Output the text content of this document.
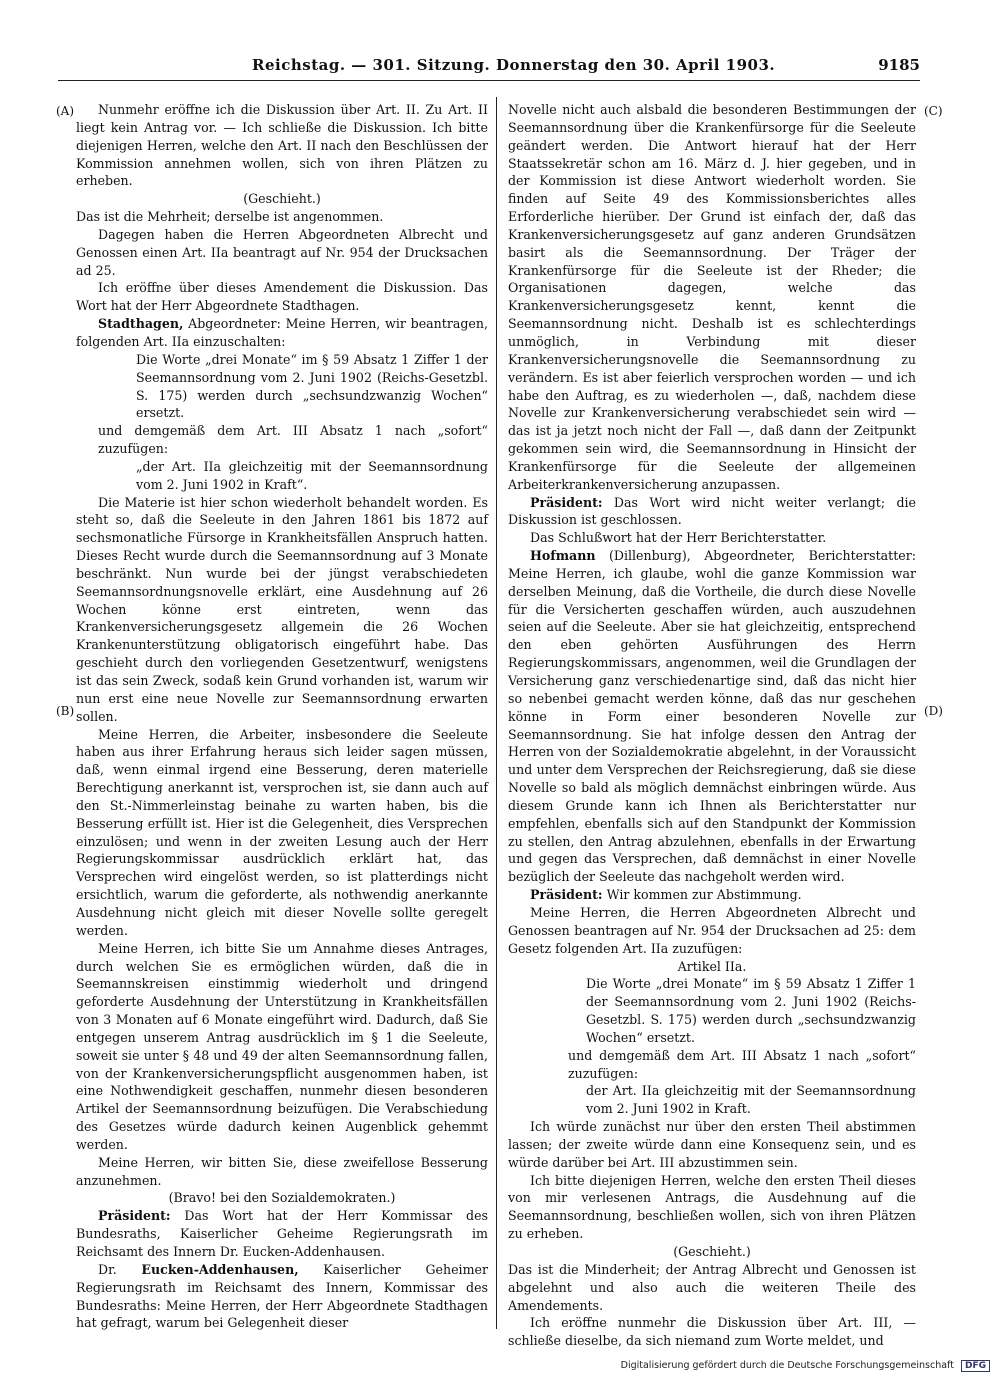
Reichstag. — 301. Sitzung. Donnerstag den 30. April 1903.	9185
(A)
(B)
(C)
(D)

Nunmehr eröffne ich die Diskussion über Art. II. Zu Art. II liegt kein Antrag vor. — Ich schließe die Diskussion. Ich bitte diejenigen Herren, welche den Art. II nach den Beschlüssen der Kommission annehmen wollen, sich von ihren Plätzen zu erheben.

(Geschieht.)

Das ist die Mehrheit; derselbe ist angenommen.

Dagegen haben die Herren Abgeordneten Albrecht und Genossen einen Art. IIa beantragt auf Nr. 954 der Drucksachen ad 25.

Ich eröffne über dieses Amendement die Diskussion. Das Wort hat der Herr Abgeordnete Stadthagen.

Stadthagen, Abgeordneter: Meine Herren, wir beantragen, folgenden Art. IIa einzuschalten:

Die Worte „drei Monate“ im § 59 Absatz 1 Ziffer 1 der Seemannsordnung vom 2. Juni 1902 (Reichs-Gesetzbl. S. 175) werden durch „sechsundzwanzig Wochen“ ersetzt.

und demgemäß dem Art. III Absatz 1 nach „sofort“ zuzufügen:

„der Art. IIa gleichzeitig mit der Seemannsordnung vom 2. Juni 1902 in Kraft“.

Die Materie ist hier schon wiederholt behandelt worden. Es steht so, daß die Seeleute in den Jahren 1861 bis 1872 auf sechsmonatliche Fürsorge in Krankheitsfällen Anspruch hatten. Dieses Recht wurde durch die Seemannsordnung auf 3 Monate beschränkt. Nun wurde bei der jüngst verabschiedeten Seemannsordnungsnovelle erklärt, eine Ausdehnung auf 26 Wochen könne erst eintreten, wenn das Krankenversicherungsgesetz allgemein die 26 Wochen Krankenunterstützung obligatorisch eingeführt habe. Das geschieht durch den vorliegenden Gesetzentwurf, wenigstens ist das sein Zweck, sodaß kein Grund vorhanden ist, warum wir nun erst eine neue Novelle zur Seemannsordnung erwarten sollen.

Meine Herren, die Arbeiter, insbesondere die Seeleute haben aus ihrer Erfahrung heraus sich leider sagen müssen, daß, wenn einmal irgend eine Besserung, deren materielle Berechtigung anerkannt ist, versprochen ist, sie dann auch auf den St.-Nimmerleinstag beinahe zu warten haben, bis die Besserung erfüllt ist. Hier ist die Gelegenheit, dies Versprechen einzulösen; und wenn in der zweiten Lesung auch der Herr Regierungskommissar ausdrücklich erklärt hat, das Versprechen wird eingelöst werden, so ist platterdings nicht ersichtlich, warum die geforderte, als nothwendig anerkannte Ausdehnung nicht gleich mit dieser Novelle sollte geregelt werden.

Meine Herren, ich bitte Sie um Annahme dieses Antrages, durch welchen Sie es ermöglichen würden, daß die in Seemannskreisen einstimmig wiederholt und dringend geforderte Ausdehnung der Unterstützung in Krankheitsfällen von 3 Monaten auf 6 Monate eingeführt wird. Dadurch, daß Sie entgegen unserem Antrag ausdrücklich im § 1 die Seeleute, soweit sie unter § 48 und 49 der alten Seemannsordnung fallen, von der Krankenversicherungspflicht ausgenommen haben, ist eine Nothwendigkeit geschaffen, nunmehr diesen besonderen Artikel der Seemannsordnung beizufügen. Die Verabschiedung des Gesetzes würde dadurch keinen Augenblick gehemmt werden.

Meine Herren, wir bitten Sie, diese zweifellose Besserung anzunehmen.

(Bravo! bei den Sozialdemokraten.)

Präsident: Das Wort hat der Herr Kommissar des Bundesraths, Kaiserlicher Geheime Regierungsrath im Reichsamt des Innern Dr. Eucken-Addenhausen.

Dr. Eucken-Addenhausen, Kaiserlicher Geheimer Regierungsrath im Reichsamt des Innern, Kommissar des Bundesraths: Meine Herren, der Herr Abgeordnete Stadthagen hat gefragt, warum bei Gelegenheit dieser

Novelle nicht auch alsbald die besonderen Bestimmungen der Seemannsordnung über die Krankenfürsorge für die Seeleute geändert werden. Die Antwort hierauf hat der Herr Staatssekretär schon am 16. März d. J. hier gegeben, und in der Kommission ist diese Antwort wiederholt worden. Sie finden auf Seite 49 des Kommissionsberichtes alles Erforderliche hierüber. Der Grund ist einfach der, daß das Krankenversicherungsgesetz auf ganz anderen Grundsätzen basirt als die Seemannsordnung. Der Träger der Krankenfürsorge für die Seeleute ist der Rheder; die Organisationen dagegen, welche das Krankenversicherungsgesetz kennt, kennt die Seemannsordnung nicht. Deshalb ist es schlechterdings unmöglich, in Verbindung mit dieser Krankenversicherungsnovelle die Seemannsordnung zu verändern. Es ist aber feierlich versprochen worden — und ich habe den Auftrag, es zu wiederholen —, daß, nachdem diese Novelle zur Krankenversicherung verabschiedet sein wird — das ist ja jetzt noch nicht der Fall —, daß dann der Zeitpunkt gekommen sein wird, die Seemannsordnung in Hinsicht der Krankenfürsorge für die Seeleute der allgemeinen Arbeiterkrankenversicherung anzupassen.

Präsident: Das Wort wird nicht weiter verlangt; die Diskussion ist geschlossen.

Das Schlußwort hat der Herr Berichterstatter.

Hofmann (Dillenburg), Abgeordneter, Berichterstatter: Meine Herren, ich glaube, wohl die ganze Kommission war derselben Meinung, daß die Vortheile, die durch diese Novelle für die Versicherten geschaffen würden, auch auszudehnen seien auf die Seeleute. Aber sie hat gleichzeitig, entsprechend den eben gehörten Ausführungen des Herrn Regierungskommissars, angenommen, weil die Grundlagen der Versicherung ganz verschiedenartige sind, daß das nicht hier so nebenbei gemacht werden könne, daß das nur geschehen könne in Form einer besonderen Novelle zur Seemannsordnung. Sie hat infolge dessen den Antrag der Herren von der Sozialdemokratie abgelehnt, in der Voraussicht und unter dem Versprechen der Reichsregierung, daß sie diese Novelle so bald als möglich demnächst einbringen würde. Aus diesem Grunde kann ich Ihnen als Berichterstatter nur empfehlen, ebenfalls sich auf den Standpunkt der Kommission zu stellen, den Antrag abzulehnen, ebenfalls in der Erwartung und gegen das Versprechen, daß demnächst in einer Novelle bezüglich der Seeleute das nachgeholt werden wird.

Präsident: Wir kommen zur Abstimmung.

Meine Herren, die Herren Abgeordneten Albrecht und Genossen beantragen auf Nr. 954 der Drucksachen ad 25: dem Gesetz folgenden Art. IIa zuzufügen:

Artikel IIa.

Die Worte „drei Monate“ im § 59 Absatz 1 Ziffer 1 der Seemannsordnung vom 2. Juni 1902 (Reichs-Gesetzbl. S. 175) werden durch „sechsundzwanzig Wochen“ ersetzt.

und demgemäß dem Art. III Absatz 1 nach „sofort“ zuzufügen:

der Art. IIa gleichzeitig mit der Seemannsordnung vom 2. Juni 1902 in Kraft.

Ich würde zunächst nur über den ersten Theil abstimmen lassen; der zweite würde dann eine Konsequenz sein, und es würde darüber bei Art. III abzustimmen sein.

Ich bitte diejenigen Herren, welche den ersten Theil dieses von mir verlesenen Antrags, die Ausdehnung auf die Seemannsordnung, beschließen wollen, sich von ihren Plätzen zu erheben.

(Geschieht.)

Das ist die Minderheit; der Antrag Albrecht und Genossen ist abgelehnt und also auch die weiteren Theile des Amendements.

Ich eröffne nunmehr die Diskussion über Art. III, — schließe dieselbe, da sich niemand zum Worte meldet, und

Digitalisierung gefördert durch die Deutsche Forschungsgemeinschaft DFG
